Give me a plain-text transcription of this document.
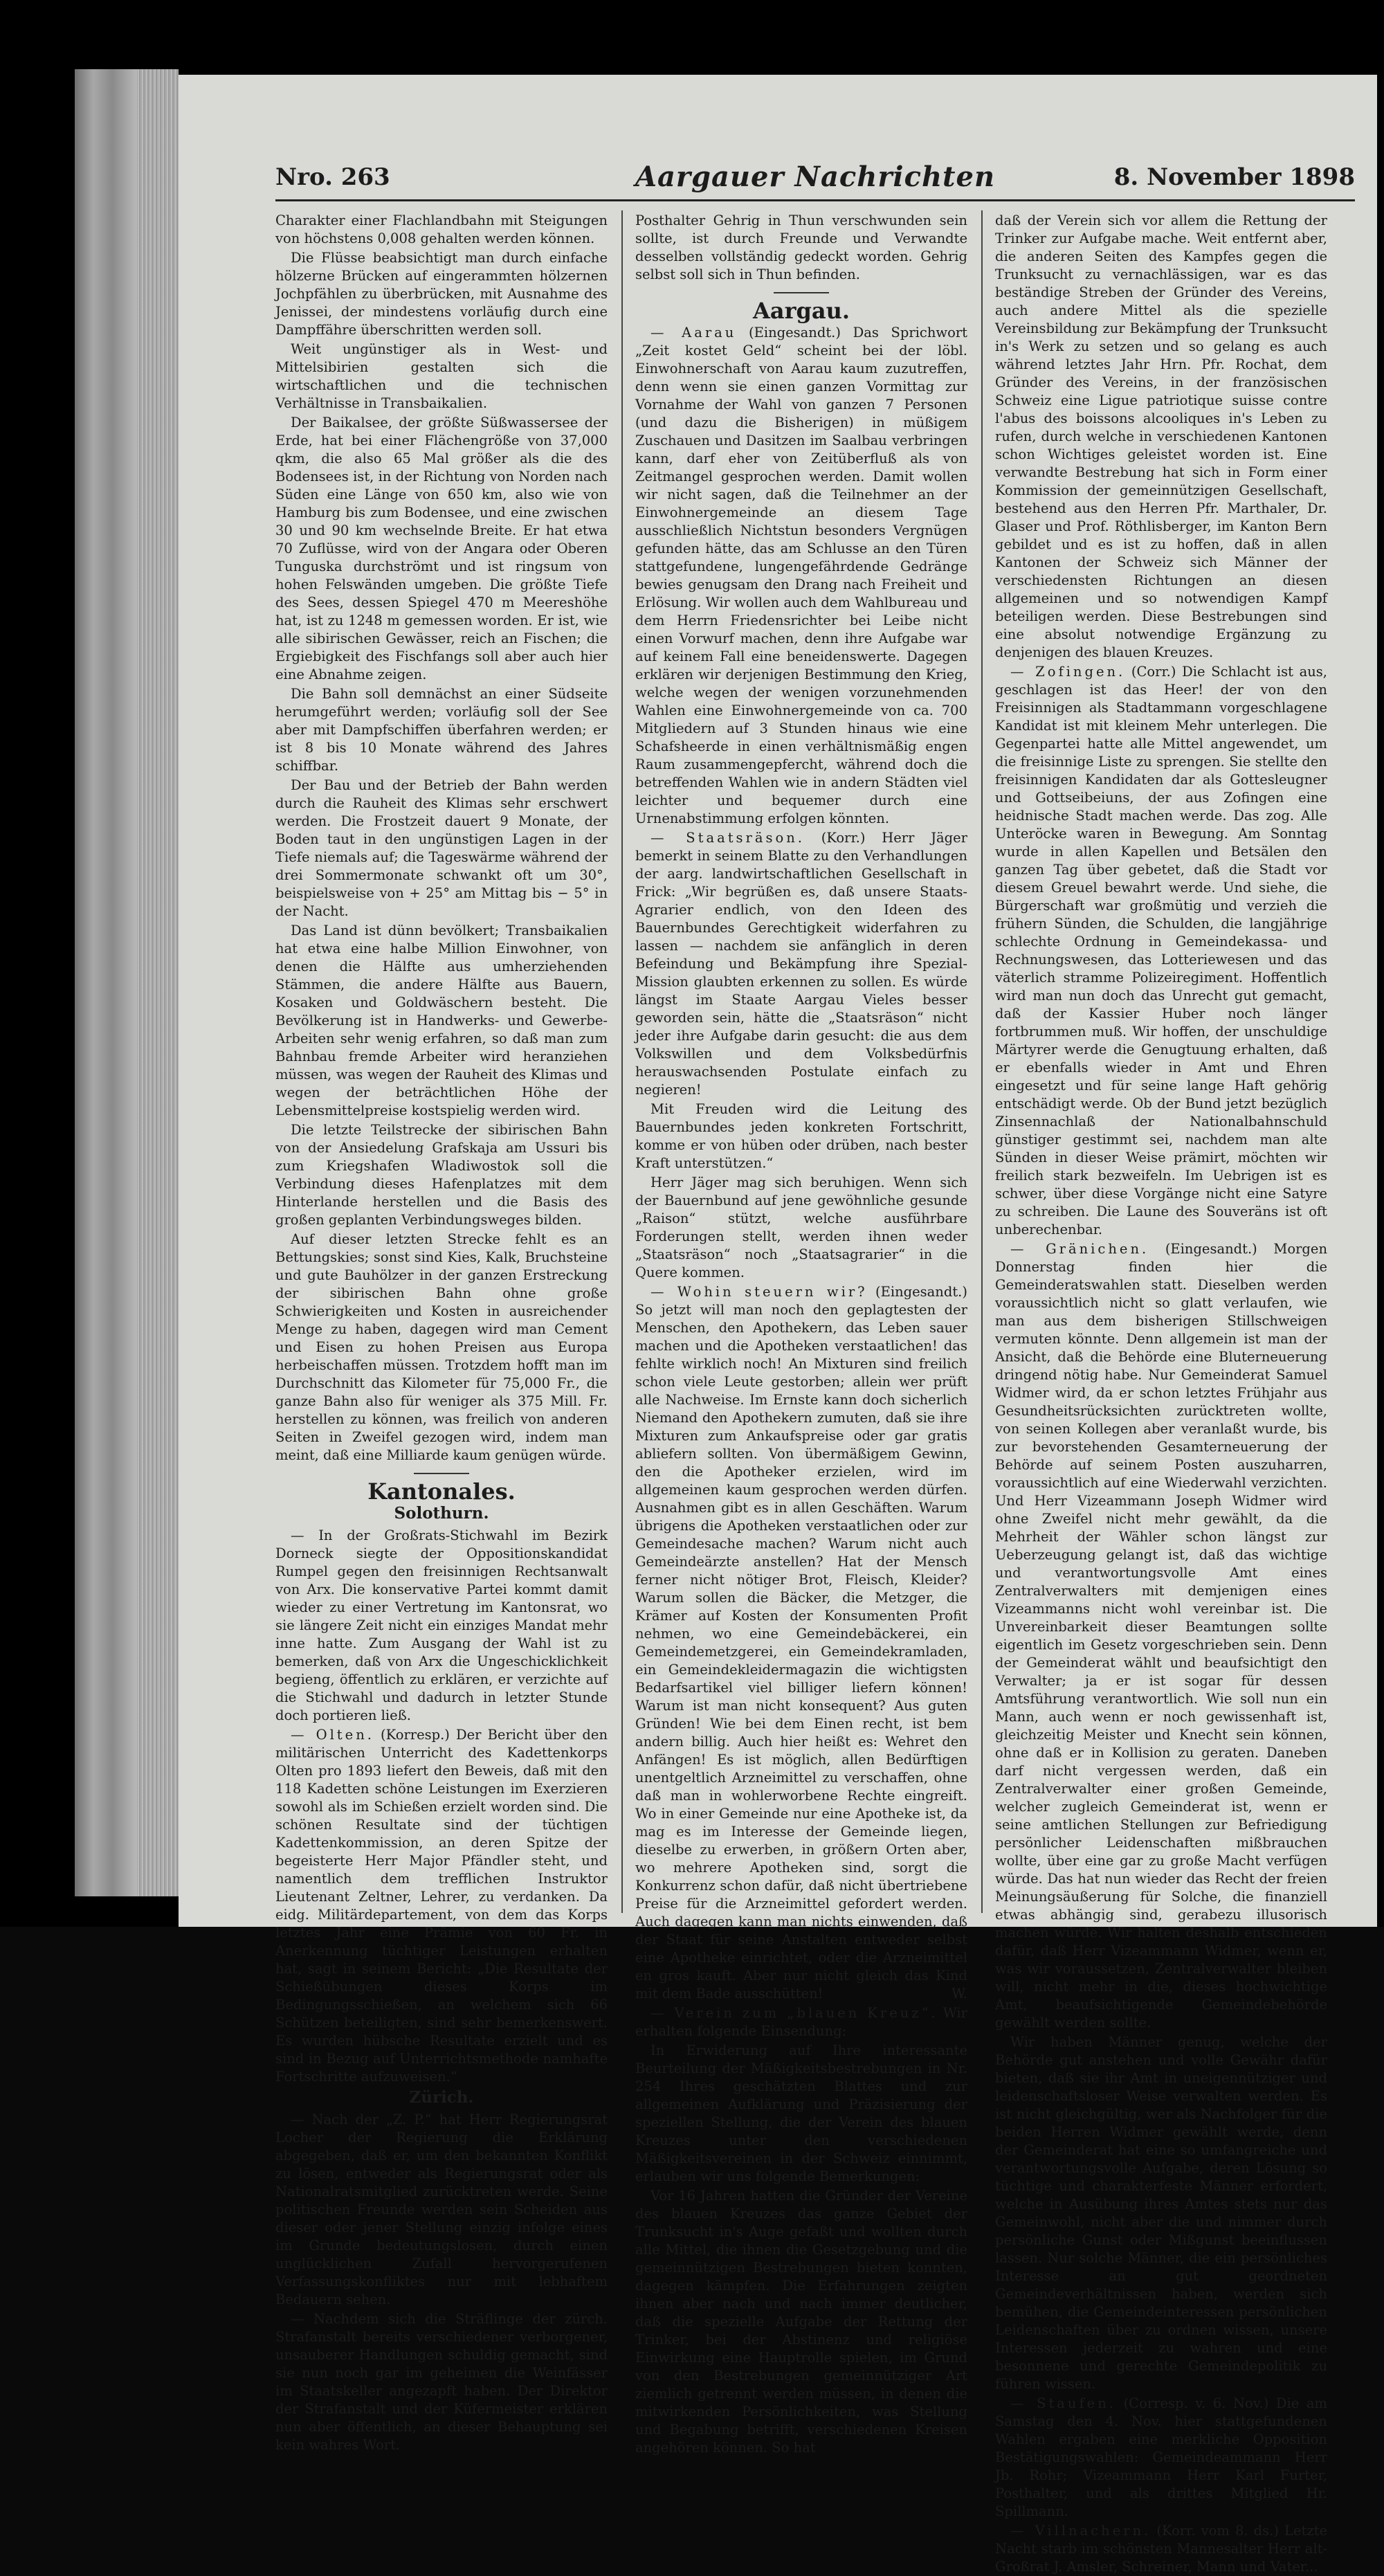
Nro. 263	Aargauer Nachrichten	8. November 1898

Charakter einer Flachlandbahn mit Steigungen von höchstens 0,008 gehalten werden können.

Die Flüsse beabsichtigt man durch einfache hölzerne Brücken auf eingerammten hölzernen Jochpfählen zu überbrücken, mit Ausnahme des Jenissei, der mindestens vorläufig durch eine Dampffähre überschritten werden soll.

Weit ungünstiger als in West- und Mittelsibirien gestalten sich die wirtschaftlichen und die technischen Verhältnisse in Transbaikalien.

Der Baikalsee, der größte Süßwassersee der Erde, hat bei einer Flächengröße von 37,000 qkm, die also 65 Mal größer als die des Bodensees ist, in der Richtung von Norden nach Süden eine Länge von 650 km, also wie von Hamburg bis zum Bodensee, und eine zwischen 30 und 90 km wechselnde Breite. Er hat etwa 70 Zuflüsse, wird von der Angara oder Oberen Tunguska durchströmt und ist ringsum von hohen Felswänden umgeben. Die größte Tiefe des Sees, dessen Spiegel 470 m Meereshöhe hat, ist zu 1248 m gemessen worden. Er ist, wie alle sibirischen Gewässer, reich an Fischen; die Ergiebigkeit des Fischfangs soll aber auch hier eine Abnahme zeigen.

Die Bahn soll demnächst an einer Südseite herumgeführt werden; vorläufig soll der See aber mit Dampfschiffen überfahren werden; er ist 8 bis 10 Monate während des Jahres schiffbar.

Der Bau und der Betrieb der Bahn werden durch die Rauheit des Klimas sehr erschwert werden. Die Frostzeit dauert 9 Monate, der Boden taut in den ungünstigen Lagen in der Tiefe niemals auf; die Tageswärme während der drei Sommermonate schwankt oft um 30°, beispielsweise von + 25° am Mittag bis − 5° in der Nacht.

Das Land ist dünn bevölkert; Transbaikalien hat etwa eine halbe Million Einwohner, von denen die Hälfte aus umherziehenden Stämmen, die andere Hälfte aus Bauern, Kosaken und Goldwäschern besteht. Die Bevölkerung ist in Handwerks- und Gewerbe-Arbeiten sehr wenig erfahren, so daß man zum Bahnbau fremde Arbeiter wird heranziehen müssen, was wegen der Rauheit des Klimas und wegen der beträchtlichen Höhe der Lebensmittelpreise kostspielig werden wird.

Die letzte Teilstrecke der sibirischen Bahn von der Ansiedelung Grafskaja am Ussuri bis zum Kriegshafen Wladiwostok soll die Verbindung dieses Hafenplatzes mit dem Hinterlande herstellen und die Basis des großen geplanten Verbindungsweges bilden.

Auf dieser letzten Strecke fehlt es an Bettungskies; sonst sind Kies, Kalk, Bruchsteine und gute Bauhölzer in der ganzen Erstreckung der sibirischen Bahn ohne große Schwierigkeiten und Kosten in ausreichender Menge zu haben, dagegen wird man Cement und Eisen zu hohen Preisen aus Europa herbeischaffen müssen. Trotzdem hofft man im Durchschnitt das Kilometer für 75,000 Fr., die ganze Bahn also für weniger als 375 Mill. Fr. herstellen zu können, was freilich von anderen Seiten in Zweifel gezogen wird, indem man meint, daß eine Milliarde kaum genügen würde.

Kantonales.
Solothurn.

— In der Großrats-Stichwahl im Bezirk Dorneck siegte der Oppositionskandidat Rumpel gegen den freisinnigen Rechtsanwalt von Arx. Die konservative Partei kommt damit wieder zu einer Vertretung im Kantonsrat, wo sie längere Zeit nicht ein einziges Mandat mehr inne hatte. Zum Ausgang der Wahl ist zu bemerken, daß von Arx die Ungeschicklichkeit begieng, öffentlich zu erklären, er verzichte auf die Stichwahl und dadurch in letzter Stunde doch portieren ließ.

— Olten. (Korresp.) Der Bericht über den militärischen Unterricht des Kadettenkorps Olten pro 1893 liefert den Beweis, daß mit den 118 Kadetten schöne Leistungen im Exerzieren sowohl als im Schießen erzielt worden sind. Die schönen Resultate sind der tüchtigen Kadettenkommission, an deren Spitze der begeisterte Herr Major Pfändler steht, und namentlich dem trefflichen Instruktor Lieutenant Zeltner, Lehrer, zu verdanken. Da eidg. Militärdepartement, von dem das Korps letztes Jahr eine Prämie von 60 Fr. in Anerkennung tüchtiger Leistungen erhalten hat, sagt in seinem Bericht: „Die Resultate der Schießübungen dieses Korps im Bedingungsschießen, an welchem sich 66 Schützen beteiligten, sind sehr bemerkenswert. Es wurden hübsche Resultate erzielt und es sind in Bezug auf Unterrichtsmethode namhafte Fortschritte aufzuweisen.“

Zürich.

— Nach der „Z. P.“ hat Herr Regierungsrat Locher der Regierung die Erklärung abgegeben, daß er, um den bekannten Konflikt zu lösen, entweder als Regierungsrat oder als Nationalratsmitglied zurücktreten werde. Seine politischen Freunde werden sein Scheiden aus dieser oder jener Stellung einzig infolge eines im Grunde bedeutungslosen, durch einen unglücklichen Zufall hervorgerufenen Verfassungskonfliktes nur mit lebhaftem Bedauern sehen.

— Nachdem sich die Sträflinge der zürch. Strafanstalt bereits verschiedener verborgener, unsauberer Handlungen schuldig gemacht, sind sie nun noch gar im geheimen die Weinfässer im Staatskeller angezapft haben. Der Direktor der Strafanstalt und der Küfermeister erklären nun aber öffentlich, an dieser Behauptung sei kein wahres Wort.

Posthalter Gehrig in Thun verschwunden sein sollte, ist durch Freunde und Verwandte desselben vollständig gedeckt worden. Gehrig selbst soll sich in Thun befinden.

Aargau.

— Aarau (Eingesandt.) Das Sprichwort „Zeit kostet Geld“ scheint bei der löbl. Einwohnerschaft von Aarau kaum zuzutreffen, denn wenn sie einen ganzen Vormittag zur Vornahme der Wahl von ganzen 7 Personen (und dazu die Bisherigen) in müßigem Zuschauen und Dasitzen im Saalbau verbringen kann, darf eher von Zeitüberfluß als von Zeitmangel gesprochen werden. Damit wollen wir nicht sagen, daß die Teilnehmer an der Einwohnergemeinde an diesem Tage ausschließlich Nichtstun besonders Vergnügen gefunden hätte, das am Schlusse an den Türen stattgefundene, lungengefährdende Gedränge bewies genugsam den Drang nach Freiheit und Erlösung. Wir wollen auch dem Wahlbureau und dem Herrn Friedensrichter bei Leibe nicht einen Vorwurf machen, denn ihre Aufgabe war auf keinem Fall eine beneidenswerte. Dagegen erklären wir derjenigen Bestimmung den Krieg, welche wegen der wenigen vorzunehmenden Wahlen eine Einwohnergemeinde von ca. 700 Mitgliedern auf 3 Stunden hinaus wie eine Schafsheerde in einen verhältnismäßig engen Raum zusammengepfercht, während doch die betreffenden Wahlen wie in andern Städten viel leichter und bequemer durch eine Urnenabstimmung erfolgen könnten.

— Staatsräson. (Korr.) Herr Jäger bemerkt in seinem Blatte zu den Verhandlungen der aarg. landwirtschaftlichen Gesellschaft in Frick: „Wir begrüßen es, daß unsere Staats-Agrarier endlich, von den Ideen des Bauernbundes Gerechtigkeit widerfahren zu lassen — nachdem sie anfänglich in deren Befeindung und Bekämpfung ihre Spezial-Mission glaubten erkennen zu sollen. Es würde längst im Staate Aargau Vieles besser geworden sein, hätte die „Staatsräson“ nicht jeder ihre Aufgabe darin gesucht: die aus dem Volkswillen und dem Volksbedürfnis herauswachsenden Postulate einfach zu negieren!

Mit Freuden wird die Leitung des Bauernbundes jeden konkreten Fortschritt, komme er von hüben oder drüben, nach bester Kraft unterstützen.“

Herr Jäger mag sich beruhigen. Wenn sich der Bauernbund auf jene gewöhnliche gesunde „Raison“ stützt, welche ausführbare Forderungen stellt, werden ihnen weder „Staatsräson“ noch „Staatsagrarier“ in die Quere kommen.

— Wohin steuern wir? (Eingesandt.) So jetzt will man noch den geplagtesten der Menschen, den Apothekern, das Leben sauer machen und die Apotheken verstaatlichen! das fehlte wirklich noch! An Mixturen sind freilich schon viele Leute gestorben; allein wer prüft alle Nachweise. Im Ernste kann doch sicherlich Niemand den Apothekern zumuten, daß sie ihre Mixturen zum Ankaufspreise oder gar gratis abliefern sollten. Von übermäßigem Gewinn, den die Apotheker erzielen, wird im allgemeinen kaum gesprochen werden dürfen. Ausnahmen gibt es in allen Geschäften. Warum übrigens die Apotheken verstaatlichen oder zur Gemeindesache machen? Warum nicht auch Gemeindeärzte anstellen? Hat der Mensch ferner nicht nötiger Brot, Fleisch, Kleider? Warum sollen die Bäcker, die Metzger, die Krämer auf Kosten der Konsumenten Profit nehmen, wo eine Gemeindebäckerei, ein Gemeindemetzgerei, ein Gemeindekramladen, ein Gemeindekleidermagazin die wichtigsten Bedarfsartikel viel billiger liefern können! Warum ist man nicht konsequent? Aus guten Gründen! Wie bei dem Einen recht, ist bem andern billig. Auch hier heißt es: Wehret den Anfängen! Es ist möglich, allen Bedürftigen unentgeltlich Arzneimittel zu verschaffen, ohne daß man in wohlerworbene Rechte eingreift. Wo in einer Gemeinde nur eine Apotheke ist, da mag es im Interesse der Gemeinde liegen, dieselbe zu erwerben, in größern Orten aber, wo mehrere Apotheken sind, sorgt die Konkurrenz schon dafür, daß nicht übertriebene Preise für die Arzneimittel gefordert werden. Auch dagegen kann man nichts einwenden, daß der Staat für seine Anstalten entweder selbst eine Apotheke einrichtet, oder die Arzneimittel en gros kauft. Aber nur nicht gleich das Kind mit dem Bade ausschütten!	W.

— Verein zum „blauen Kreuz“. Wir erhalten folgende Einsendung:

In Erwiderung auf Ihre interessante Beurteilung der Mäßigkeitsbestrebungen in Nr. 254 Ihres geschätzten Blattes und zur allgemeinen Aufklärung und Präzisierung der speziellen Stellung, die der Verein des blauen Kreuzes unter den verschiedenen Mäßigkeitsvereinen in der Schweiz einnimmt, erlauben wir uns folgende Bemerkungen:

Vor 16 Jahren hatten die Gründer der Vereine des blauen Kreuzes das ganze Gebiet der Trunksucht in's Auge gefaßt und wollten durch alle Mittel, die ihnen die Gesetzgebung und die gemeinnützigen Bestrebungen bieten konnten, dagegen kämpfen. Die Erfahrungen zeigten ihnen aber nach und nach immer deutlicher, daß die spezielle Aufgabe der Rettung der Trinker, bei der Abstinenz und religiöse Einwirkung eine Hauptrolle spielen, im Grund von den Bestrebungen gemeinnütziger Art ziemlich getrennt werden müssen, in denen die mitwirkenden Persönlichkeiten, was Stellung und Begabung betrifft, verschiedenen Kreisen angehören können. So hat

daß der Verein sich vor allem die Rettung der Trinker zur Aufgabe mache. Weit entfernt aber, die anderen Seiten des Kampfes gegen die Trunksucht zu vernachlässigen, war es das beständige Streben der Gründer des Vereins, auch andere Mittel als die spezielle Vereinsbildung zur Bekämpfung der Trunksucht in's Werk zu setzen und so gelang es auch während letztes Jahr Hrn. Pfr. Rochat, dem Gründer des Vereins, in der französischen Schweiz eine Ligue patriotique suisse contre l'abus des boissons alcooliques in's Leben zu rufen, durch welche in verschiedenen Kantonen schon Wichtiges geleistet worden ist. Eine verwandte Bestrebung hat sich in Form einer Kommission der gemeinnützigen Gesellschaft, bestehend aus den Herren Pfr. Marthaler, Dr. Glaser und Prof. Röthlisberger, im Kanton Bern gebildet und es ist zu hoffen, daß in allen Kantonen der Schweiz sich Männer der verschiedensten Richtungen an diesen allgemeinen und so notwendigen Kampf beteiligen werden. Diese Bestrebungen sind eine absolut notwendige Ergänzung zu denjenigen des blauen Kreuzes.

— Zofingen. (Corr.) Die Schlacht ist aus, geschlagen ist das Heer! der von den Freisinnigen als Stadtammann vorgeschlagene Kandidat ist mit kleinem Mehr unterlegen. Die Gegenpartei hatte alle Mittel angewendet, um die freisinnige Liste zu sprengen. Sie stellte den freisinnigen Kandidaten dar als Gottesleugner und Gottseibeiuns, der aus Zofingen eine heidnische Stadt machen werde. Das zog. Alle Unteröcke waren in Bewegung. Am Sonntag wurde in allen Kapellen und Betsälen den ganzen Tag über gebetet, daß die Stadt vor diesem Greuel bewahrt werde. Und siehe, die Bürgerschaft war großmütig und verzieh die frühern Sünden, die Schulden, die langjährige schlechte Ordnung in Gemeindekassa- und Rechnungswesen, das Lotteriewesen und das väterlich stramme Polizeiregiment. Hoffentlich wird man nun doch das Unrecht gut gemacht, daß der Kassier Huber noch länger fortbrummen muß. Wir hoffen, der unschuldige Märtyrer werde die Genugtuung erhalten, daß er ebenfalls wieder in Amt und Ehren eingesetzt und für seine lange Haft gehörig entschädigt werde. Ob der Bund jetzt bezüglich Zinsennachlaß der Nationalbahnschuld günstiger gestimmt sei, nachdem man alte Sünden in dieser Weise prämirt, möchten wir freilich stark bezweifeln. Im Uebrigen ist es schwer, über diese Vorgänge nicht eine Satyre zu schreiben. Die Laune des Souveräns ist oft unberechenbar.

— Gränichen. (Eingesandt.) Morgen Donnerstag finden hier die Gemeinderatswahlen statt. Dieselben werden voraussichtlich nicht so glatt verlaufen, wie man aus dem bisherigen Stillschweigen vermuten könnte. Denn allgemein ist man der Ansicht, daß die Behörde eine Bluterneuerung dringend nötig habe. Nur Gemeinderat Samuel Widmer wird, da er schon letztes Frühjahr aus Gesundheitsrücksichten zurücktreten wollte, von seinen Kollegen aber veranlaßt wurde, bis zur bevorstehenden Gesamterneuerung der Behörde auf seinem Posten auszuharren, voraussichtlich auf eine Wiederwahl verzichten. Und Herr Vizeammann Joseph Widmer wird ohne Zweifel nicht mehr gewählt, da die Mehrheit der Wähler schon längst zur Ueberzeugung gelangt ist, daß das wichtige und verantwortungsvolle Amt eines Zentralverwalters mit demjenigen eines Vizeammanns nicht wohl vereinbar ist. Die Unvereinbarkeit dieser Beamtungen sollte eigentlich im Gesetz vorgeschrieben sein. Denn der Gemeinderat wählt und beaufsichtigt den Verwalter; ja er ist sogar für dessen Amtsführung verantwortlich. Wie soll nun ein Mann, auch wenn er noch gewissenhaft ist, gleichzeitig Meister und Knecht sein können, ohne daß er in Kollision zu geraten. Daneben darf nicht vergessen werden, daß ein Zentralverwalter einer großen Gemeinde, welcher zugleich Gemeinderat ist, wenn er seine amtlichen Stellungen zur Befriedigung persönlicher Leidenschaften mißbrauchen wollte, über eine gar zu große Macht verfügen würde. Das hat nun wieder das Recht der freien Meinungsäußerung für Solche, die finanziell etwas abhängig sind, gerabezu illusorisch machen würde. Wir halten deshalb entschieden dafür, daß Herr Vizeammann Widmer, wenn er, was wir voraussetzen, Zentralverwalter bleiben will, nicht mehr in die, dieses hochwichtige Amt, beaufsichtigende Gemeindebehörde gewählt werden sollte.

Wir haben Männer genug, welche der Behörde gut anstehen und volle Gewähr dafür bieten, daß sie ihr Amt in uneigennütziger und leidenschaftsloser Weise verwalten werden. Es ist nicht gleichgültig, wer als Nachfolger für die beiden Herren Widmer gewählt werde, denn der Gemeinderat hat eine so umfangreiche und verantwortungsvolle Aufgabe, deren Lösung so tüchtige und charakterfeste Männer erfordert, welche in Ausübung ihres Amtes stets nur das Gemeinwohl, nicht aber die und nimmer durch persönliche Gunst oder Mißgunst beeinflussen lassen. Nur solche Männer, die ein persönliches Interesse an gut geordneten Gemeindeverhältnissen haben, werden sich bemühen, die Gemeindeinteressen persönlichen Leidenschaften über zu ordnen wissen, unsere Interessen jederzeit zu wahren und eine besonnene und gerechte Gemeindepolitik zu führen wissen.

— Staufen. (Corresp. v. 6. Nov.) Die am Samstag den 4. Nov. hier stattgefundenen Wahlen ergaben eine merkliche Opposition Bestätigungswahlen: Gemeindeammann Herr Jb. Rohr; Vizeammann Herr Karl Furter, Posthalter, und als drittes Mitglied Hr. Spillmann.

— Villnachern. (Korr. vom 8. ds.) Letzte Nacht starb im schönsten Mannesalter Herr alt-Großrat J. Amsler, Schreiner, Mann und Vater...
